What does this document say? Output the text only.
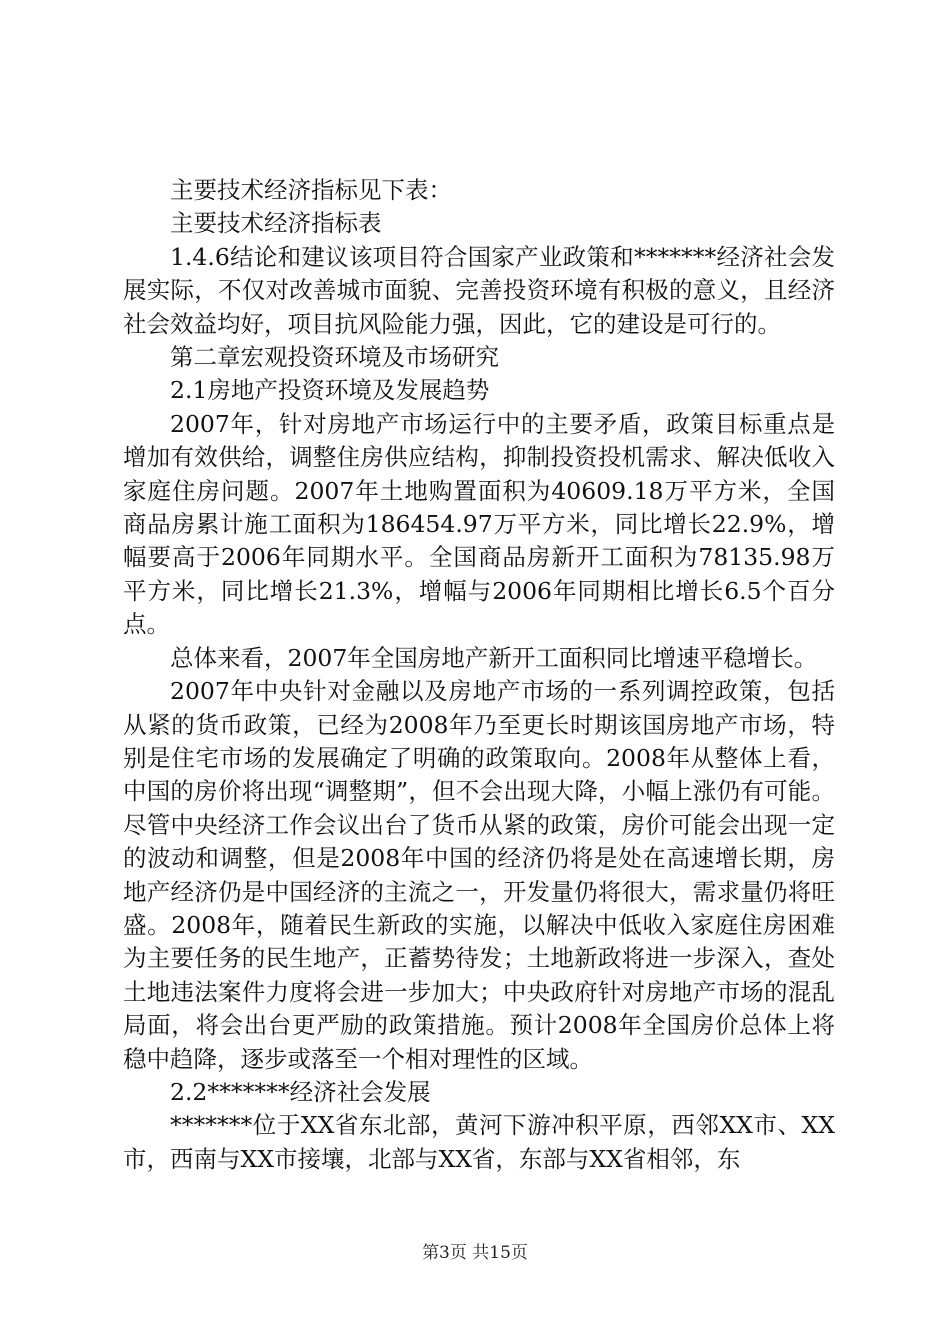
主要技术经济指标见下表：

主要技术经济指标表

1.4.6结论和建议该项目符合国家产业政策和*******经济社会发展实际，不仅对改善城市面貌、完善投资环境有积极的意义，且经济社会效益均好，项目抗风险能力强，因此，它的建设是可行的。

第二章宏观投资环境及市场研究

2.1房地产投资环境及发展趋势

2007年，针对房地产市场运行中的主要矛盾，政策目标重点是增加有效供给，调整住房供应结构，抑制投资投机需求、解决低收入家庭住房问题。2007年土地购置面积为40609.18万平方米，全国商品房累计施工面积为186454.97万平方米，同比增长22.9%，增幅要高于2006年同期水平。全国商品房新开工面积为78135.98万平方米，同比增长21.3%，增幅与2006年同期相比增长6.5个百分点。

总体来看，2007年全国房地产新开工面积同比增速平稳增长。

2007年中央针对金融以及房地产市场的一系列调控政策，包括从紧的货币政策，已经为2008年乃至更长时期该国房地产市场，特别是住宅市场的发展确定了明确的政策取向。2008年从整体上看，中国的房价将出现“调整期”，但不会出现大降，小幅上涨仍有可能。尽管中央经济工作会议出台了货币从紧的政策，房价可能会出现一定的波动和调整，但是2008年中国的经济仍将是处在高速增长期，房地产经济仍是中国经济的主流之一，开发量仍将很大，需求量仍将旺盛。2008年，随着民生新政的实施，以解决中低收入家庭住房困难为主要任务的民生地产，正蓄势待发；土地新政将进一步深入，查处土地违法案件力度将会进一步加大；中央政府针对房地产市场的混乱局面，将会出台更严励的政策措施。预计2008年全国房价总体上将稳中趋降，逐步或落至一个相对理性的区域。

2.2*******经济社会发展

*******位于XX省东北部，黄河下游冲积平原，西邻XX市、XX市，西南与XX市接壤，北部与XX省，东部与XX省相邻，东

第3页 共15页
